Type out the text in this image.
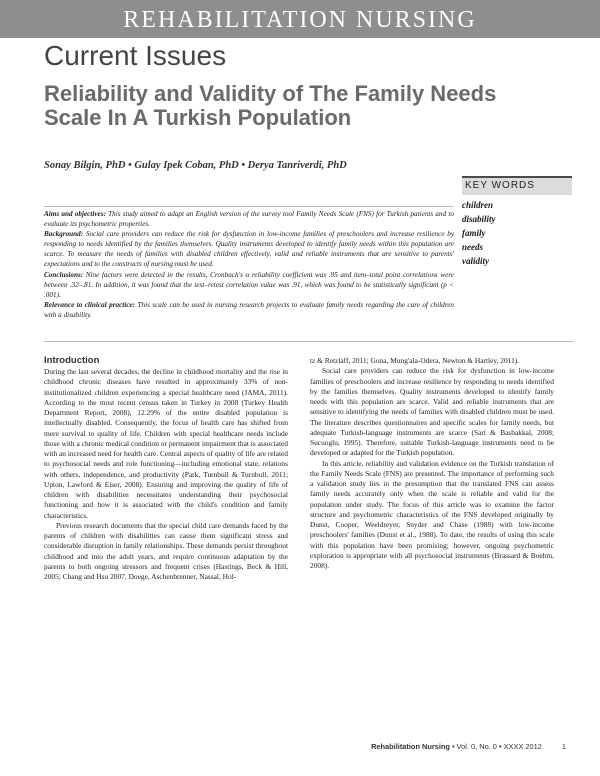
REHABILITATION NURSING
Current Issues
Reliability and Validity of The Family Needs Scale In A Turkish Population
Sonay Bilgin, PhD • Gulay Ipek Coban, PhD • Derya Tanriverdi, PhD
KEY WORDS
children
disability
family
needs
validity

Aims and objectives: This study aimed to adapt an English version of the survey tool Family Needs Scale (FNS) for Turkish patients and to evaluate its psychometric properties.

Background: Social care providers can reduce the risk for dysfunction in low-income families of preschoolers and increase resilience by responding to needs identified by the families themselves. Quality instruments developed to identify family needs within this population are scarce. To measure the needs of families with disabled children effectively, valid and reliable instruments that are sensitive to parents' expectations and to the constructs of nursing must be used.

Conclusions: Nine factors were detected in the results, Cronbach's α reliability coefficient was .95 and item–total point correlations were between .32–.81. In addition, it was found that the test–retest correlation value was .91, which was found to be statistically significant (p < .001).

Relevance to clinical practice: This scale can be used in nursing research projects to evaluate family needs regarding the care of children with a disability.

Introduction

During the last several decades, the decline in childhood mortality and the rise in childhood chronic diseases have resulted in approximately 33% of non-institutionalized children experiencing a special healthcare need (JAMA, 2011). According to the most recent census taken in Turkey in 2008 (Turkey Health Department Report, 2008), 12.29% of the entire disabled population is intellectually disabled. Consequently, the focus of health care has shifted from mere survival to quality of life. Children with special healthcare needs include those with a chronic medical condition or permanent impairment that is associated with an increased need for health care. Central aspects of quality of life are related to psychosocial needs and role functioning—including emotional state, relations with others, independence, and productivity (Park, Turnbull & Turnbull, 2011; Upton, Lawford & Eiser, 2008). Ensuring and improving the quality of life of children with disabilities necessitates understanding their psychosocial functioning and how it is associated with the child's condition and family characteristics.

Previous research documents that the special child care demands faced by the parents of children with disabilities can cause them significant stress and considerable disruption in family relationships. These demands persist throughout childhood and into the adult years, and require continuous adaptation by the parents to both ongoing stressors and frequent crises (Hastings, Beck & Hill, 2005; Chang and Hsu 2007, Doege, Aschenbrenner, Nassal, Hol-

tz & Retzlaff, 2011; Gona, Mung'ala-Odera, Newton & Hartley, 2011).

Social care providers can reduce the risk for dysfunction in low-income families of preschoolers and increase resilience by responding to needs identified by the families themselves. Quality instruments developed to identify family needs with this population are scarce. Valid and reliable instruments that are sensitive to identifying the needs of families with disabled children must be used. The literature describes questionnaires and specific scales for family needs, but adequate Turkish-language instruments are scarce (Sari & Basbakkal, 2008; Sucuoglu, 1995). Therefore, suitable Turkish-language instruments need to be developed or adapted for the Turkish population.

In this article, reliability and validation evidence on the Turkish translation of the Family Needs Scale (FNS) are presented. The importance of performing such a validation study lies in the presumption that the translated FNS can assess family needs accurately only when the scale is reliable and valid for the population under study. The focus of this article was to examine the factor structure and psychometric characteristics of the FNS developed originally by Dunst, Cooper, Weeldreyer, Snyder and Chase (1988) with low-income preschoolers' families (Dunst et al., 1988). To date, the results of using this scale with this population have been promising; however, ongoing psychometric exploration is appropriate with all psychosocial instruments (Brassard & Boehm, 2008).

Rehabilitation Nursing • Vol. 0, No. 0 • XXXX 2012	1
